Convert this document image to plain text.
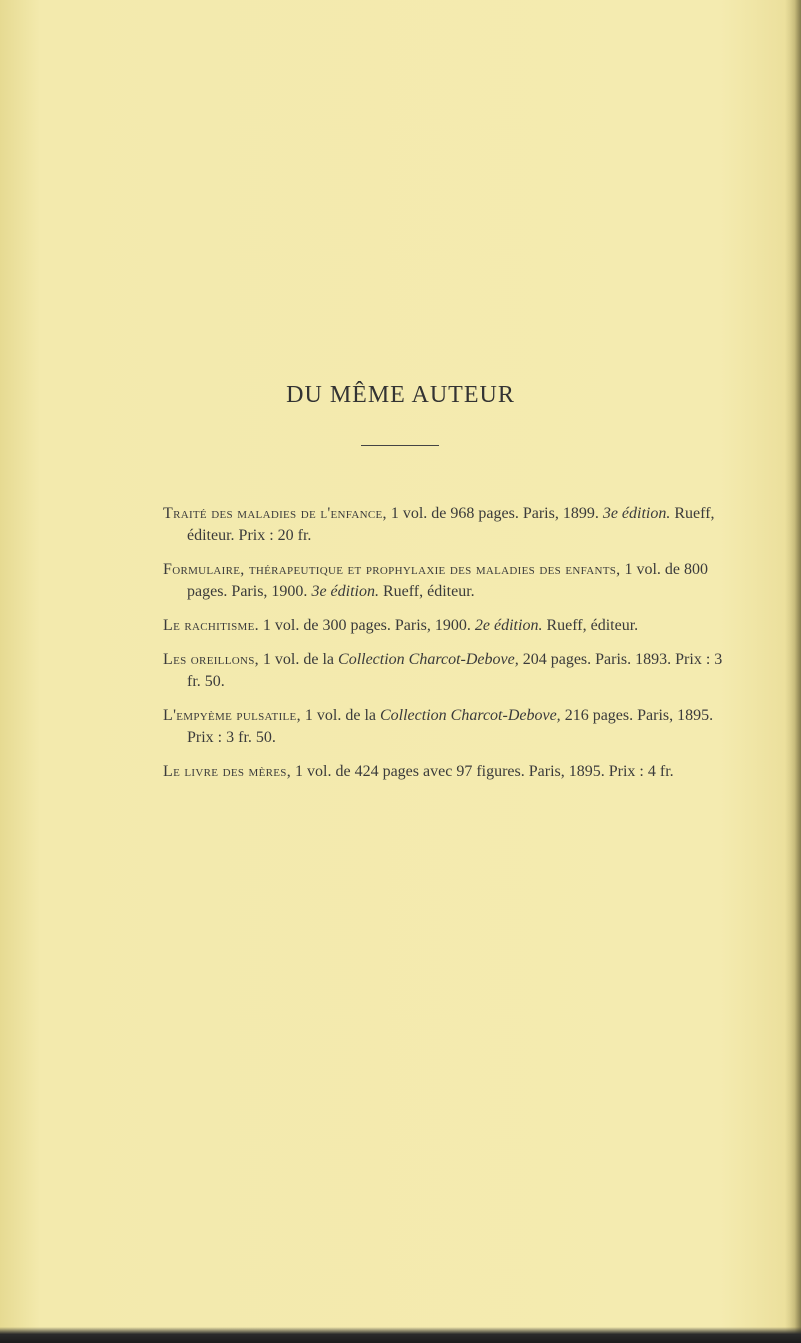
DU MÊME AUTEUR

Traité des maladies de l'enfance, 1 vol. de 968 pages. Paris, 1899. 3e édition. Rueff, éditeur. Prix : 20 fr.

Formulaire, thérapeutique et prophylaxie des maladies des enfants, 1 vol. de 800 pages. Paris, 1900. 3e édition. Rueff, éditeur.

Le rachitisme. 1 vol. de 300 pages. Paris, 1900. 2e édition. Rueff, éditeur.

Les oreillons, 1 vol. de la Collection Charcot-Debove, 204 pages. Paris. 1893. Prix : 3 fr. 50.

L'empyème pulsatile, 1 vol. de la Collection Charcot-Debove, 216 pages. Paris, 1895. Prix : 3 fr. 50.

Le livre des mères, 1 vol. de 424 pages avec 97 figures. Paris, 1895. Prix : 4 fr.
